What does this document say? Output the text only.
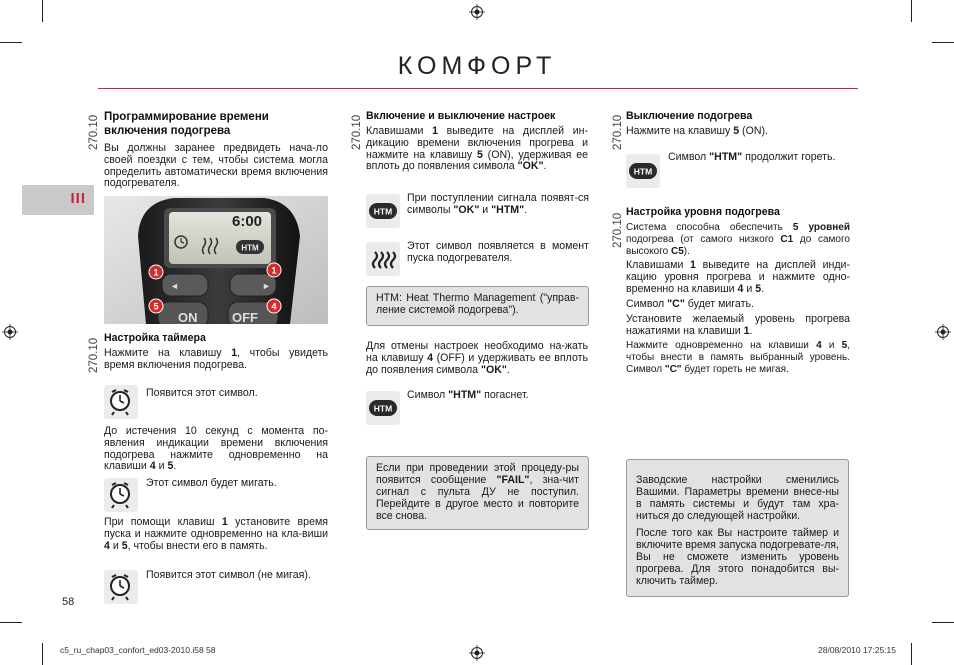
КОМФОРТ
III
270.10 Программирование времени включения подогрева
Вы должны заранее предвидеть нача-ло своей поездки с тем, чтобы система могла определить автоматически время включения подогревателя.
6:00
HTM
◄	►
ON	OFF
1	1
5	4
270.10 Настройка таймера
Нажмите на клавишу 1, чтобы увидеть время включения подогрева.
Появится этот символ.
До истечения 10 секунд с момента по-явления индикации времени включения подогрева нажмите одновременно на клавиши 4 и 5.
Этот символ будет мигать.
При помощи клавиш 1 установите время пуска и нажмите одновременно на кла-виши 4 и 5, чтобы внести его в память.
Появится этот символ (не мигая).
58
270.10 Включение и выключение настроек
Клавишами 1 выведите на дисплей ин-дикацию времени включения прогрева и нажмите на клавишу 5 (ON), удерживая ее вплоть до появления символа "OK".
HTM
При поступлении сигнала появят-ся символы "OK" и "HTM".
Этот символ появляется в момент пуска подогревателя.

HTM: Heat Thermo Management ("управ-ление системой подогрева").

Для отмены настроек необходимо на-жать на клавишу 4 (OFF) и удерживать ее вплоть до появления символа "OK".
HTM
Символ "HTM" погаснет.

Если при проведении этой процеду-ры появится сообщение "FAIL", зна-чит сигнал с пульта ДУ не поступил. Перейдите в другое место и повторите все снова.

270.10 Выключение подогрева
Нажмите на клавишу 5 (ON).
HTM
Символ "HTM" продолжит гореть.
270.10
Настройка уровня подогрева
Система способна обеспечить 5 уровней подогрева (от самого низкого C1 до самого высокого C5).
Клавишами 1 выведите на дисплей инди-кацию уровня прогрева и нажмите одно-временно на клавиши 4 и 5.
Символ "C" будет мигать.
Установите желаемый уровень прогрева нажатиями на клавиши 1.
Нажмите одновременно на клавиши 4 и 5, чтобы внести в память выбранный уровень. Символ "C" будет гореть не мигая.

Заводские настройки сменились Вашими. Параметры времени внесе-ны в память системы и будут там хра-ниться до следующей настройки.

После того как Вы настроите таймер и включите время запуска подогревате-ля, Вы не сможете изменить уровень прогрева. Для этого понадобится вы-ключить таймер.

c5_ru_chap03_confort_ed03-2010.i58 58	28/08/2010 17:25:15
